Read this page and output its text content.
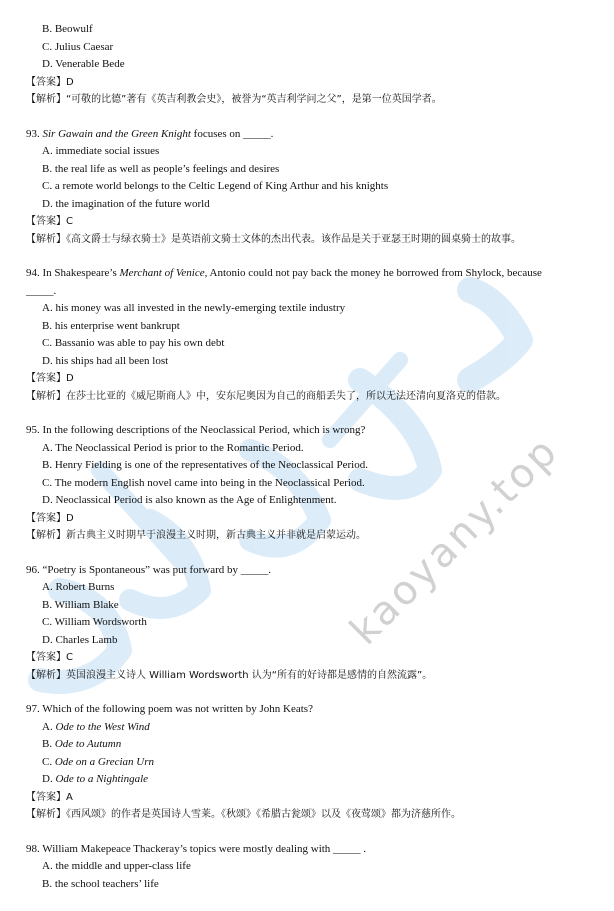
kaoyany.top
B. Beowulf
C. Julius Caesar
D. Venerable Bede
【答案】D
【解析】“可敬的比德”著有《英吉利教会史》，被誉为“英吉利学问之父”，是第一位英国学者。
93. Sir Gawain and the Green Knight focuses on _____.
A. immediate social issues
B. the real life as well as people’s feelings and desires
C. a remote world belongs to the Celtic Legend of King Arthur and his knights
D. the imagination of the future world
【答案】C
【解析】《高文爵士与绿衣骑士》是英语前文骑士文体的杰出代表。该作品是关于亚瑟王时期的圆桌骑士的故事。
94. In Shakespeare’s Merchant of Venice, Antonio could not pay back the money he borrowed from Shylock, because
_____.
A. his money was all invested in the newly-emerging textile industry
B. his enterprise went bankrupt
C. Bassanio was able to pay his own debt
D. his ships had all been lost
【答案】D
【解析】在莎士比亚的《威尼斯商人》中，安东尼奥因为自己的商船丢失了，所以无法还清向夏洛克的借款。
95. In the following descriptions of the Neoclassical Period, which is wrong?
A. The Neoclassical Period is prior to the Romantic Period.
B. Henry Fielding is one of the representatives of the Neoclassical Period.
C. The modern English novel came into being in the Neoclassical Period.
D. Neoclassical Period is also known as the Age of Enlightenment.
【答案】D
【解析】新古典主义时期早于浪漫主义时期，新古典主义并非就是启蒙运动。
96. “Poetry is Spontaneous” was put forward by _____.
A. Robert Burns
B. William Blake
C. William Wordsworth
D. Charles Lamb
【答案】C
【解析】英国浪漫主义诗人 William Wordsworth 认为“所有的好诗都是感情的自然流露”。
97. Which of the following poem was not written by John Keats?
A. Ode to the West Wind
B. Ode to Autumn
C. Ode on a Grecian Urn
D. Ode to a Nightingale
【答案】A
【解析】《西风颂》的作者是英国诗人雪莱。《秋颂》《希腊古瓮颂》以及《夜莺颂》都为济慈所作。
98. William Makepeace Thackeray’s topics were mostly dealing with _____ .
A. the middle and upper-class life
B. the school teachers’ life
